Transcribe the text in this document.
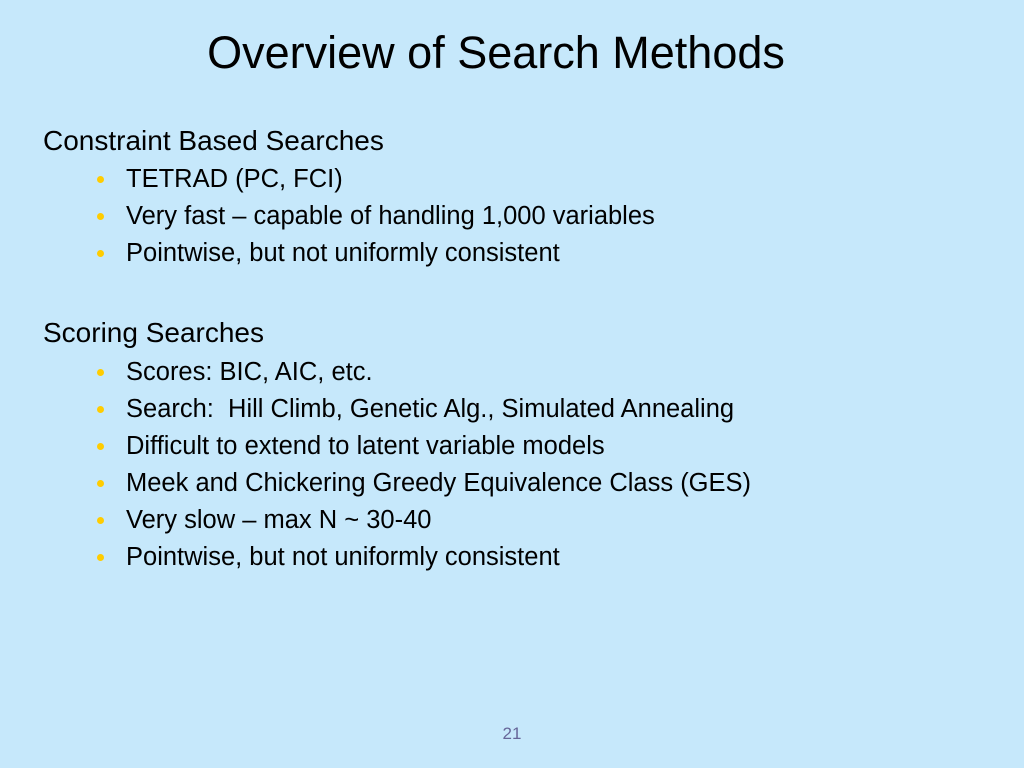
Overview of Search Methods
Constraint Based Searches
TETRAD (PC, FCI)
Very fast – capable of handling 1,000 variables
Pointwise, but not uniformly consistent
Scoring Searches
Scores: BIC, AIC, etc.
Search:  Hill Climb, Genetic Alg., Simulated Annealing
Difficult to extend to latent variable models
Meek and Chickering Greedy Equivalence Class (GES)
Very slow – max N ~ 30-40
Pointwise, but not uniformly consistent
21
